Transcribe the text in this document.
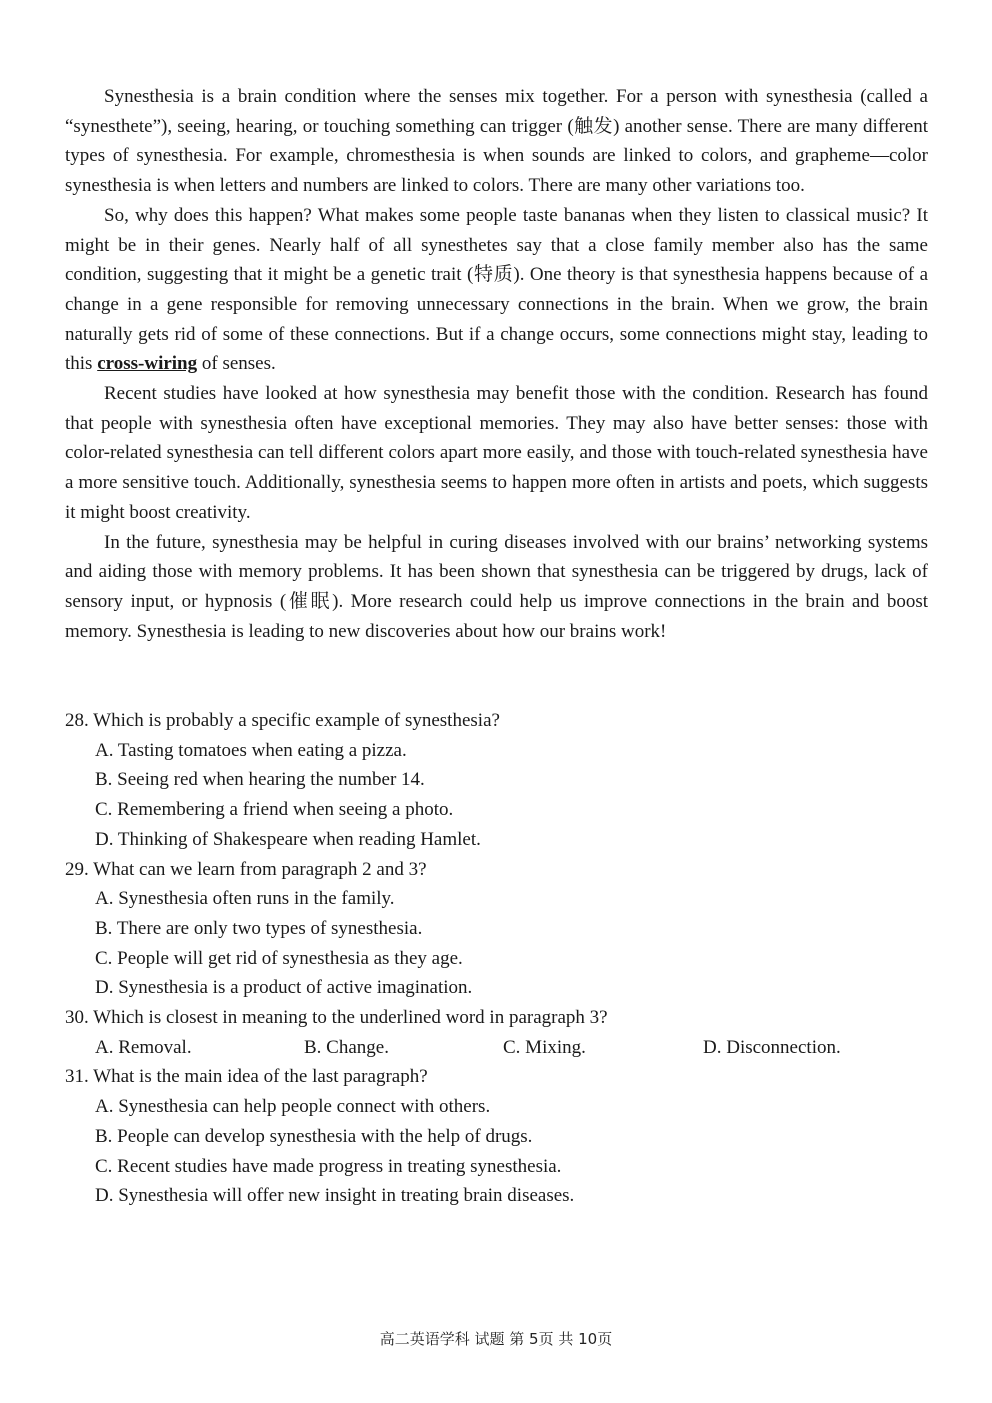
Synesthesia is a brain condition where the senses mix together. For a person with synesthesia (called a “synesthete”), seeing, hearing, or touching something can trigger (触发) another sense. There are many different types of synesthesia. For example, chromesthesia is when sounds are linked to colors, and grapheme—color synesthesia is when letters and numbers are linked to colors. There are many other variations too.

So, why does this happen? What makes some people taste bananas when they listen to classical music? It might be in their genes. Nearly half of all synesthetes say that a close family member also has the same condition, suggesting that it might be a genetic trait (特质). One theory is that synesthesia happens because of a change in a gene responsible for removing unnecessary connections in the brain. When we grow, the brain naturally gets rid of some of these connections. But if a change occurs, some connections might stay, leading to this cross-wiring of senses.

Recent studies have looked at how synesthesia may benefit those with the condition. Research has found that people with synesthesia often have exceptional memories. They may also have better senses: those with color-related synesthesia can tell different colors apart more easily, and those with touch-related synesthesia have a more sensitive touch. Additionally, synesthesia seems to happen more often in artists and poets, which suggests it might boost creativity.

In the future, synesthesia may be helpful in curing diseases involved with our brains’ networking systems and aiding those with memory problems. It has been shown that synesthesia can be triggered by drugs, lack of sensory input, or hypnosis (催眠). More research could help us improve connections in the brain and boost memory. Synesthesia is leading to new discoveries about how our brains work!

28. Which is probably a specific example of synesthesia?

A. Tasting tomatoes when eating a pizza.

B. Seeing red when hearing the number 14.

C. Remembering a friend when seeing a photo.

D. Thinking of Shakespeare when reading Hamlet.

29. What can we learn from paragraph 2 and 3?

A. Synesthesia often runs in the family.

B. There are only two types of synesthesia.

C. People will get rid of synesthesia as they age.

D. Synesthesia is a product of active imagination.

30. Which is closest in meaning to the underlined word in paragraph 3?

A. Removal.	B. Change.	C. Mixing.	D. Disconnection.

31. What is the main idea of the last paragraph?

A. Synesthesia can help people connect with others.

B. People can develop synesthesia with the help of drugs.

C. Recent studies have made progress in treating synesthesia.

D. Synesthesia will offer new insight in treating brain diseases.

高二英语学科 试题 第 5页 共 10页
